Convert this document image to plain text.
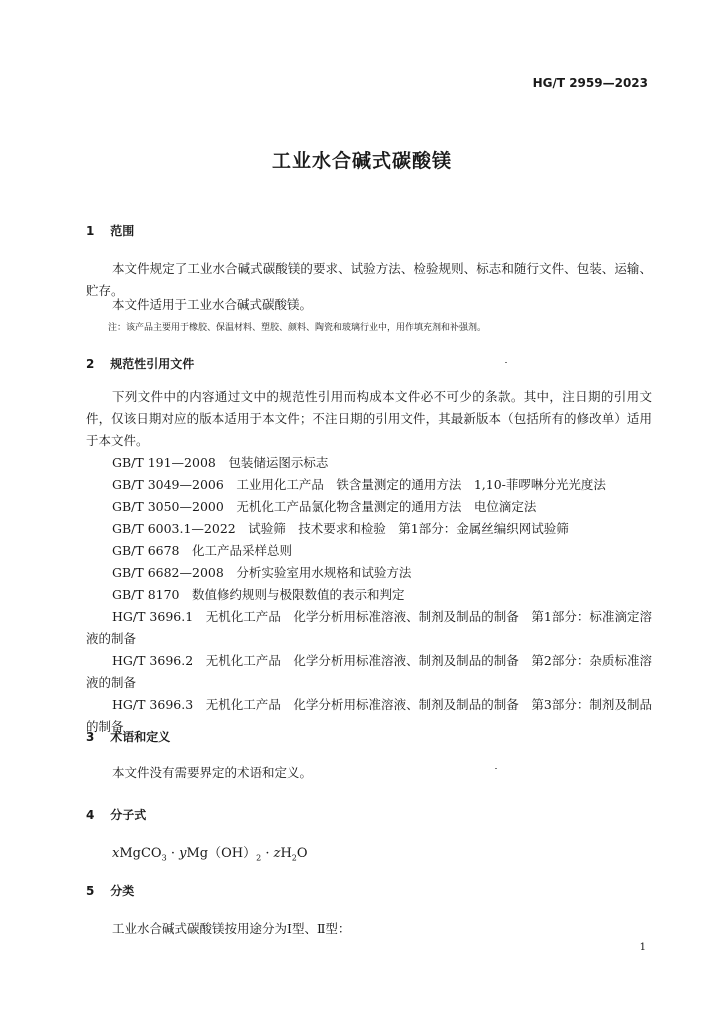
HG/T 2959—2023
工业水合碱式碳酸镁
1 范围
本文件规定了工业水合碱式碳酸镁的要求、试验方法、检验规则、标志和随行文件、包装、运输、贮存。
本文件适用于工业水合碱式碳酸镁。
注：该产品主要用于橡胶、保温材料、塑胶、颜料、陶瓷和玻璃行业中，用作填充剂和补强剂。
2 规范性引用文件
下列文件中的内容通过文中的规范性引用而构成本文件必不可少的条款。其中，注日期的引用文件，仅该日期对应的版本适用于本文件；不注日期的引用文件，其最新版本（包括所有的修改单）适用于本文件。
GB/T 191—2008　包装储运图示标志
GB/T 3049—2006　工业用化工产品　铁含量测定的通用方法　1,10-菲啰啉分光光度法
GB/T 3050—2000　无机化工产品氯化物含量测定的通用方法　电位滴定法
GB/T 6003.1—2022　试验筛　技术要求和检验　第1部分：金属丝编织网试验筛
GB/T 6678　化工产品采样总则
GB/T 6682—2008　分析实验室用水规格和试验方法
GB/T 8170　数值修约规则与极限数值的表示和判定
HG/T 3696.1　无机化工产品　化学分析用标准溶液、制剂及制品的制备　第1部分：标准滴定溶液的制备
HG/T 3696.2　无机化工产品　化学分析用标准溶液、制剂及制品的制备　第2部分：杂质标准溶液的制备
HG/T 3696.3　无机化工产品　化学分析用标准溶液、制剂及制品的制备　第3部分：制剂及制品的制备
3 术语和定义
本文件没有需要界定的术语和定义。
4 分子式
xMgCO$_3$ · $yMg(OH)_2 \cdot zH_2O$
5 分类
工业水合碱式碳酸镁按用途分为Ⅰ型、Ⅱ型：
1
